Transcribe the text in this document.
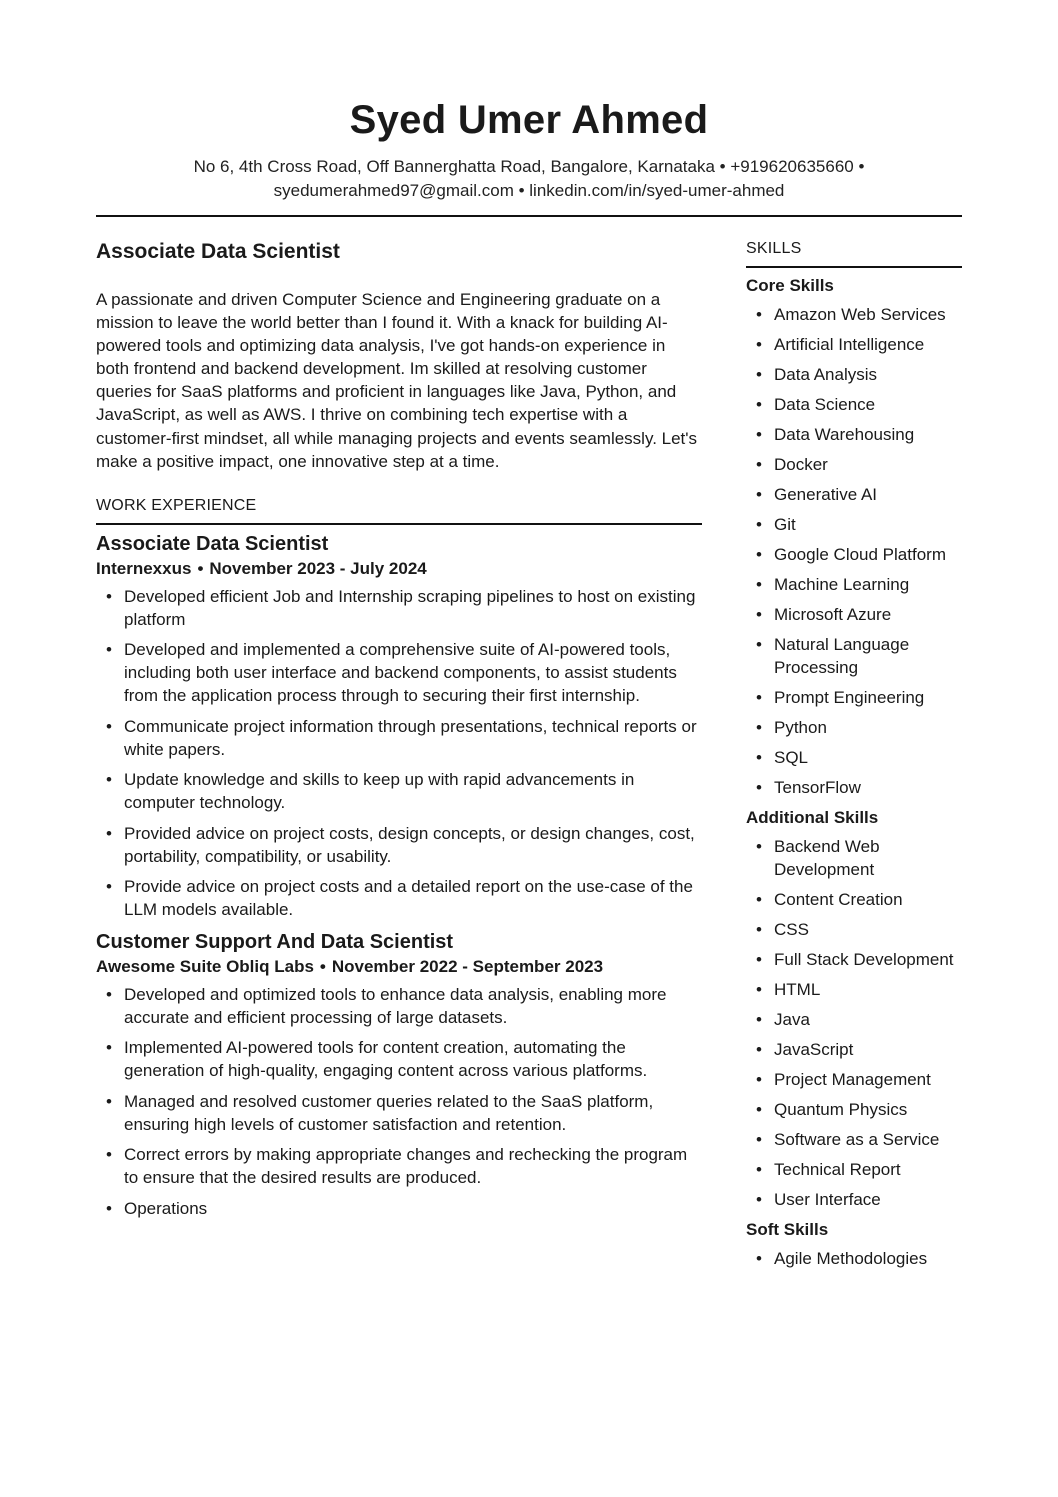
Syed Umer Ahmed
No 6, 4th Cross Road, Off Bannerghatta Road, Bangalore, Karnataka • +919620635660 •
syedumerahmed97@gmail.com • linkedin.com/in/syed-umer-ahmed
Associate Data Scientist

A passionate and driven Computer Science and Engineering graduate on a mission to leave the world better than I found it. With a knack for building AI-powered tools and optimizing data analysis, I've got hands-on experience in both frontend and backend development. Im skilled at resolving customer queries for SaaS platforms and proficient in languages like Java, Python, and JavaScript, as well as AWS. I thrive on combining tech expertise with a customer-first mindset, all while managing projects and events seamlessly. Let's make a positive impact, one innovative step at a time.

WORK EXPERIENCE
Associate Data Scientist
Internexxus • November 2023 - July 2024
• Developed efficient Job and Internship scraping pipelines to host on existing platform
• Developed and implemented a comprehensive suite of AI-powered tools, including both user interface and backend components, to assist students from the application process through to securing their first internship.
• Communicate project information through presentations, technical reports or white papers.
• Update knowledge and skills to keep up with rapid advancements in computer technology.
• Provided advice on project costs, design concepts, or design changes, cost, portability, compatibility, or usability.
• Provide advice on project costs and a detailed report on the use-case of the LLM models available.
Customer Support And Data Scientist
Awesome Suite Obliq Labs • November 2022 - September 2023
• Developed and optimized tools to enhance data analysis, enabling more accurate and efficient processing of large datasets.
• Implemented AI-powered tools for content creation, automating the generation of high-quality, engaging content across various platforms.
• Managed and resolved customer queries related to the SaaS platform, ensuring high levels of customer satisfaction and retention.
• Correct errors by making appropriate changes and rechecking the program to ensure that the desired results are produced.
• Operations
SKILLS
Core Skills
• Amazon Web Services
• Artificial Intelligence
• Data Analysis
• Data Science
• Data Warehousing
• Docker
• Generative AI
• Git
• Google Cloud Platform
• Machine Learning
• Microsoft Azure
• Natural Language Processing
• Prompt Engineering
• Python
• SQL
• TensorFlow
Additional Skills
• Backend Web Development
• Content Creation
• CSS
• Full Stack Development
• HTML
• Java
• JavaScript
• Project Management
• Quantum Physics
• Software as a Service
• Technical Report
• User Interface
Soft Skills
• Agile Methodologies
